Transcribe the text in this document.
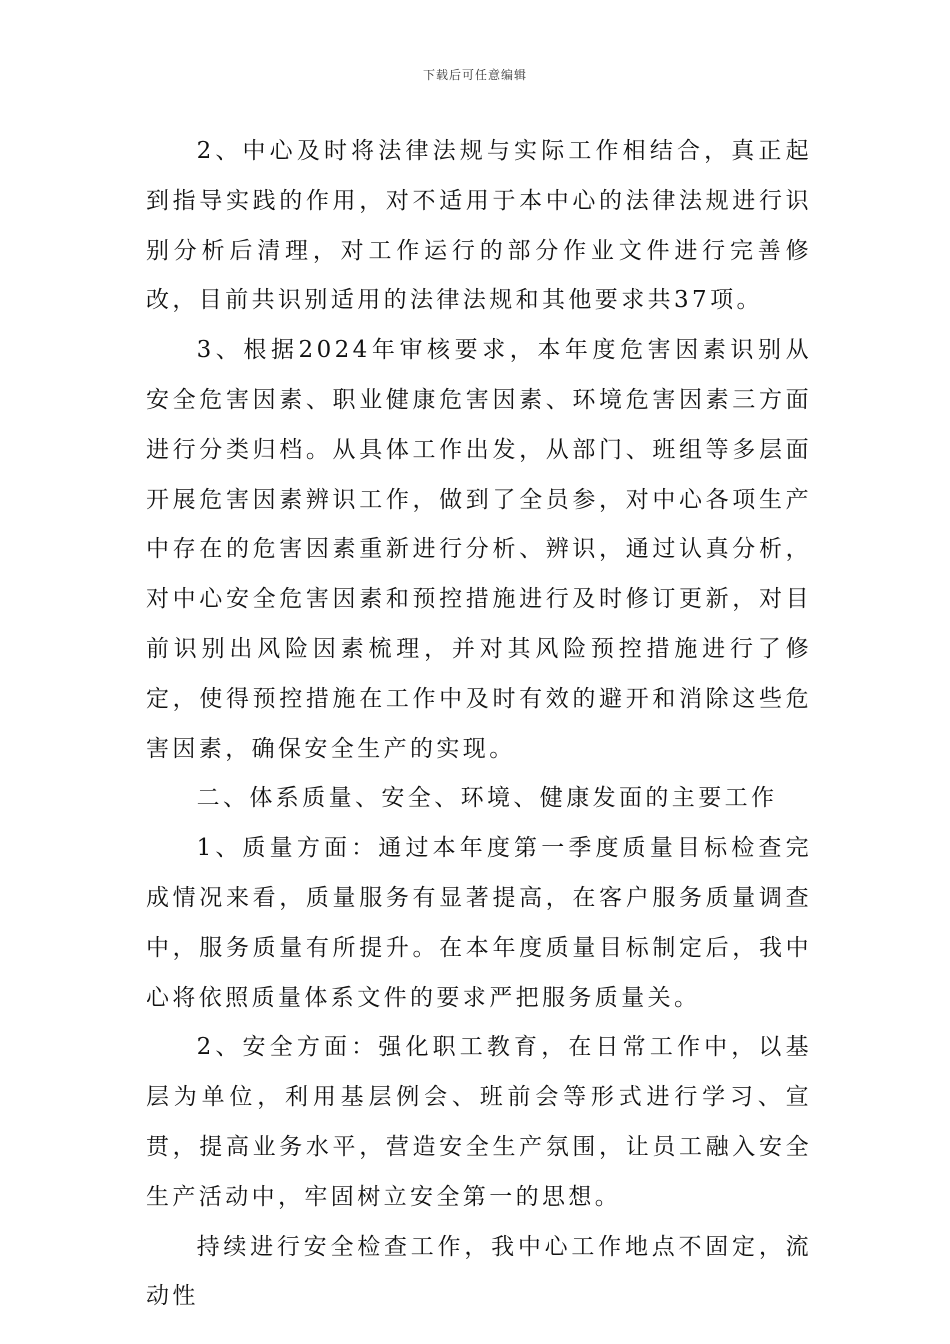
下载后可任意编辑

2、中心及时将法律法规与实际工作相结合，真正起到指导实践的作用，对不适用于本中心的法律法规进行识别分析后清理，对工作运行的部分作业文件进行完善修改，目前共识别适用的法律法规和其他要求共37项。

3、根据2024年审核要求，本年度危害因素识别从安全危害因素、职业健康危害因素、环境危害因素三方面进行分类归档。从具体工作出发，从部门、班组等多层面开展危害因素辨识工作，做到了全员参，对中心各项生产中存在的危害因素重新进行分析、辨识，通过认真分析，对中心安全危害因素和预控措施进行及时修订更新，对目前识别出风险因素梳理，并对其风险预控措施进行了修定，使得预控措施在工作中及时有效的避开和消除这些危害因素，确保安全生产的实现。

二、体系质量、安全、环境、健康发面的主要工作

1、质量方面：通过本年度第一季度质量目标检查完成情况来看，质量服务有显著提高，在客户服务质量调查中，服务质量有所提升。在本年度质量目标制定后，我中心将依照质量体系文件的要求严把服务质量关。

2、安全方面：强化职工教育，在日常工作中，以基层为单位，利用基层例会、班前会等形式进行学习、宣贯，提高业务水平，营造安全生产氛围，让员工融入安全生产活动中，牢固树立安全第一的思想。

持续进行安全检查工作，我中心工作地点不固定，流动性
